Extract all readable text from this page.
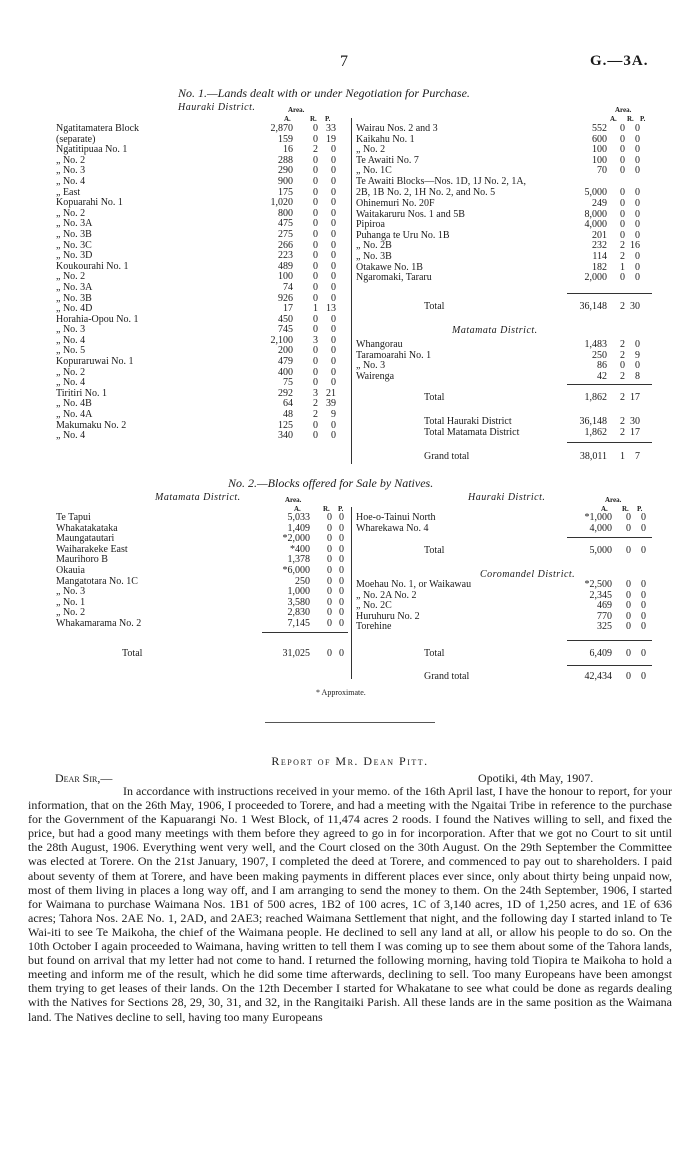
7	G.—3A.
No. 1.—Lands dealt with or under Negotiation for Purchase.
Hauraki District.	Area.	Area.
A.	R. P.	A. R. P.
Ngatitamatera Block	2,870 0 33
(separate)	159 0 19
Ngatitipuaa No. 1	16 2 0
„ No. 2	288 0 0
„ No. 3	290 0 0
„ No. 4	900 0 0
„ East	175 0 0
Kopuarahi No. 1	1,020 0 0
„ No. 2	800 0 0
„ No. 3A	475 0 0
„ No. 3B	275 0 0
„ No. 3C	266 0 0
„ No. 3D	223 0 0
Koukourahi No. 1	489 0 0
„ No. 2	100 0 0
„ No. 3A	74 0 0
„ No. 3B	926 0 0
„ No. 4D	17 1 13
Horahia-Opou No. 1	450 0 0
„ No. 3	745 0 0
„ No. 4	2,100 3 0
„ No. 5	200 0 0
Kopuraruwai No. 1	479 0 0
„ No. 2	400 0 0
„ No. 4	75 0 0
Tiritiri No. 1	292 3 21
„ No. 4B	64 2 39
„ No. 4A	48 2 9
Makumaku No. 2	125 0 0
„ No. 4	340 0 0
Wairau Nos. 2 and 3	552 0 0
Kaikahu No. 1	600 0 0
„ No. 2	100 0 0
Te Awaiti No. 7	100 0 0
„ No. 1C	70 0 0
Te Awaiti Blocks—Nos. 1D, 1J No. 2, 1A,
2B, 1B No. 2, 1H No. 2, and No. 5	5,000 0 0
Ohinemuri No. 20F	249 0 0
Waitakaruru Nos. 1 and 5B	8,000 0 0
Pipiroa	4,000 0 0
Puhanga te Uru No. 1B	201 0 0
„ No. 2B	232 2 16
„ No. 3B	114 2 0
Otakawe No. 1B	182 1 0
Ngaromaki, Tararu	2,000 0 0
Total	36,148 2 30
Matamata District.
Whangorau	1,483 2 0
Taramoarahi No. 1	250 2 9
„ No. 3	86 0 0
Wairenga	42 2 8
Total	1,862 2 17
Total Hauraki District	36,148 2 30
Total Matamata District	1,862 2 17
Grand total	38,011 1 7
No. 2.—Blocks offered for Sale by Natives.
Matamata District.	Hauraki District.
Area.	Area.
A.	R. P.	A. R. P.
Te Tapui	5,033 0 0
Whakatakataka	1,409 0 0
Maungatautari	*2,000 0 0
Waiharakeke East	*400 0 0
Maurihoro B	1,378 0 0
Okauia	*6,000 0 0
Mangatotara No. 1C	250 0 0
„ No. 3	1,000 0 0
„ No. 1	3,580 0 0
„ No. 2	2,830 0 0
Whakamarama No. 2	7,145 0 0
Total	31,025 0 0
Hoe-o-Tainui North	*1,000 0 0
Wharekawa No. 4	4,000 0 0
Total	5,000 0 0
Coromandel District.
Moehau No. 1, or Waikawau	*2,500 0 0
„ No. 2A No. 2	2,345 0 0
„ No. 2C	469 0 0
Huruhuru No. 2	770 0 0
Torehine	325 0 0
Total	6,409 0 0
Grand total	42,434 0 0
* Approximate.
Report of Mr. Dean Pitt.
Dear Sir,—	Opotiki, 4th May, 1907.
In accordance with instructions received in your memo. of the 16th April last, I have the honour to report, for your information, that on the 26th May, 1906, I proceeded to Torere, and had a meeting with the Ngaitai Tribe in reference to the purchase for the Government of the Kapuarangi No. 1 West Block, of 11,474 acres 2 roods. I found the Natives willing to sell, and fixed the price, but had a good many meetings with them before they agreed to go in for incorporation. After that we got no Court to sit until the 28th August, 1906. Everything went very well, and the Court closed on the 30th August. On the 29th September the Committee was elected at Torere. On the 21st January, 1907, I completed the deed at Torere, and commenced to pay out to shareholders. I paid about seventy of them at Torere, and have been making payments in different places ever since, only about thirty being unpaid now, most of them living in places a long way off, and I am arranging to send the money to them. On the 24th September, 1906, I started for Waimana to purchase Waimana Nos. 1B1 of 500 acres, 1B2 of 100 acres, 1C of 3,140 acres, 1D of 1,250 acres, and 1E of 636 acres; Tahora Nos. 2AE No. 1, 2AD, and 2AE3; reached Waimana Settlement that night, and the following day I started inland to Te Wai-iti to see Te Maikoha, the chief of the Waimana people. He declined to sell any land at all, or allow his people to do so. On the 10th October I again proceeded to Waimana, having written to tell them I was coming up to see them about some of the Tahora lands, but found on arrival that my letter had not come to hand. I returned the following morning, having told Tiopira te Maikoha to hold a meeting and inform me of the result, which he did some time afterwards, declining to sell. Too many Europeans have been amongst them trying to get leases of their lands. On the 12th December I started for Whakatane to see what could be done as regards dealing with the Natives for Sections 28, 29, 30, 31, and 32, in the Rangitaiki Parish. All these lands are in the same position as the Waimana land. The Natives decline to sell, having too many Europeans
